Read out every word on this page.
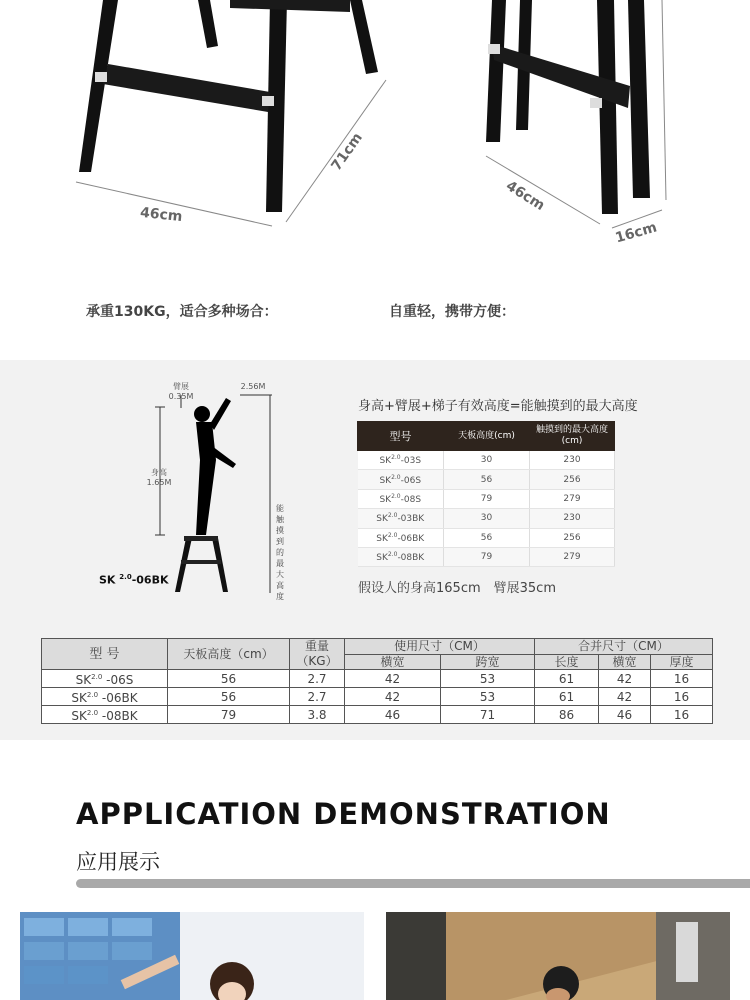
46cm
71cm
46cm
16cm
承重130KG，适合多种场合：	自重轻，携带方便：
臂展
0.35M
2.56M
身高
1.65M
能触摸到的最大高度
SK $^{2.0}$-06BK
身高+臂展+梯子有效高度=能触摸到的最大高度
型号	天板高度(cm)	触摸到的最大高度(cm)
$SK^{2.0}-03S$	30	230
$SK^{2.0}-06S$	56	256
$SK^{2.0}-08S$	79	279
$SK^{2.0}-03BK$	30	230
$SK^{2.0}-06BK$	56	256
$SK^{2.0}-08BK$	79	279
假设人的身高165cm　臂展35cm
型 号	天板高度（cm）	重量	使用尺寸（CM）		合并尺寸（CM）		
		（KG）	横宽	跨宽	长度	横宽	厚度
$SK^{2.0}$ -06S	56	2.7	42	53	61	42	16
$SK^{2.0}$ -06BK	56	2.7	42	53	61	42	16
$SK^{2.0}$ -08BK	79	3.8	46	71	86	46	16
APPLICATION DEMONSTRATION
应用展示
